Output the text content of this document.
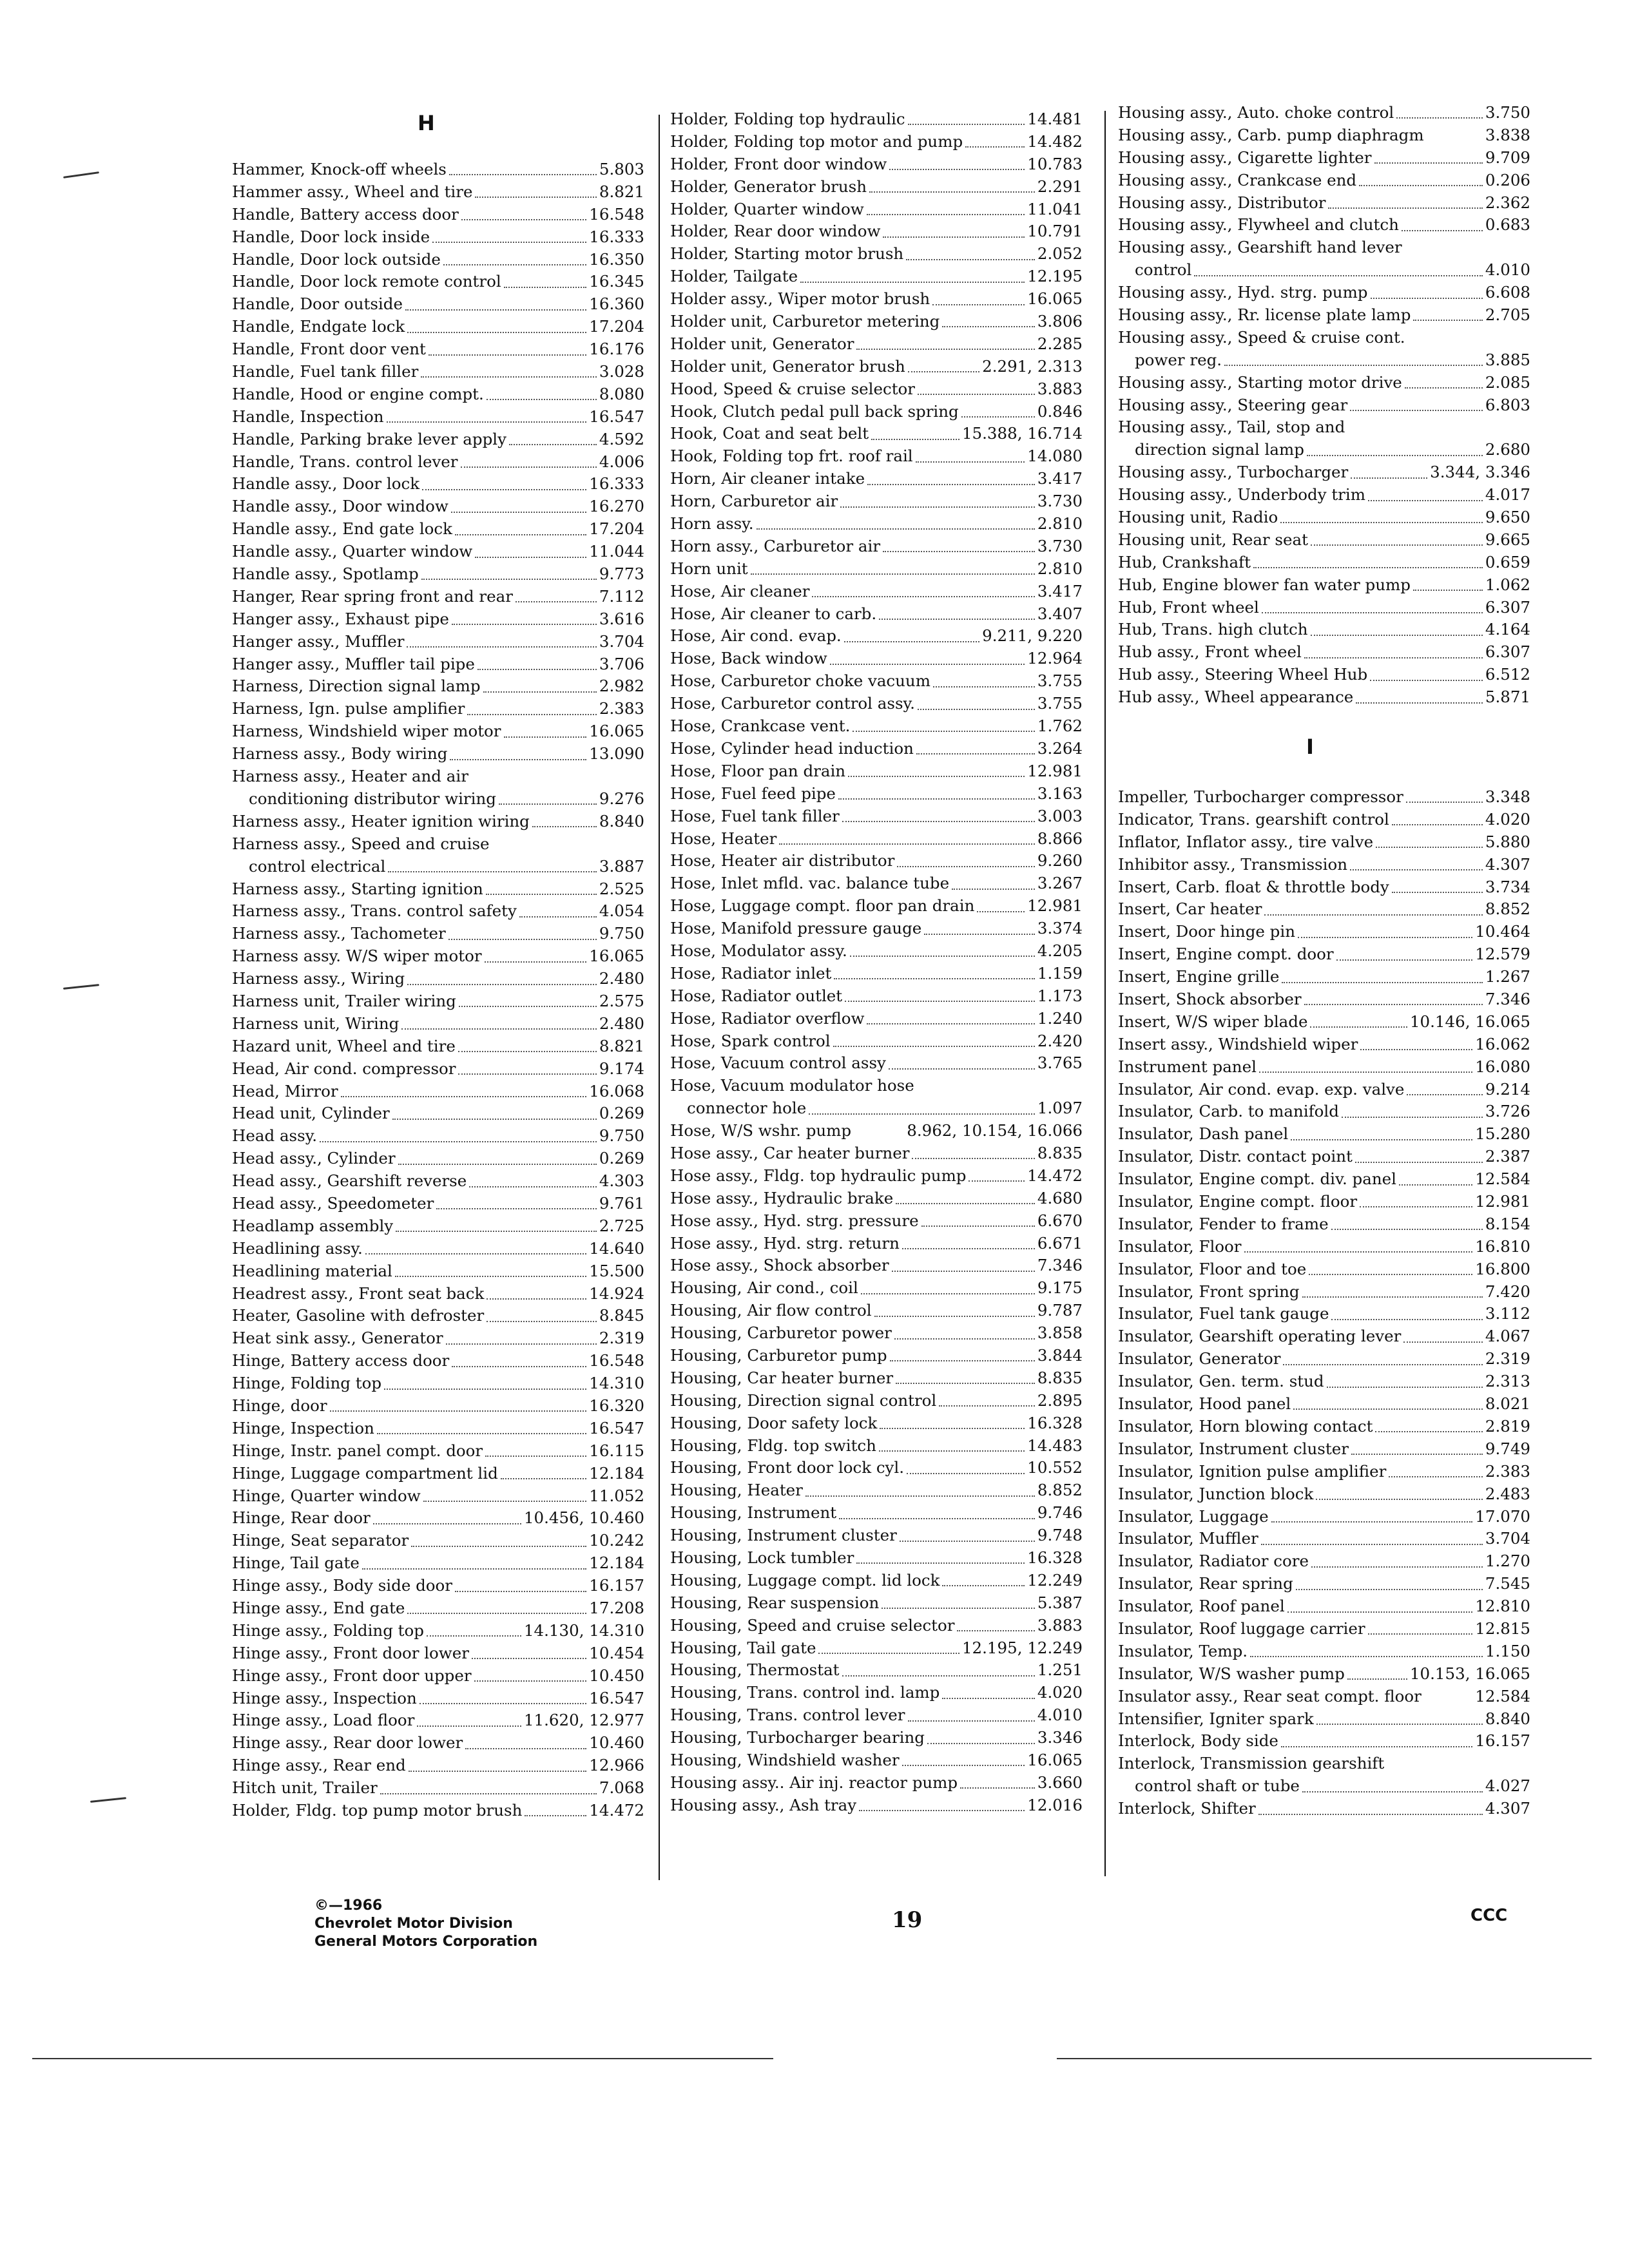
H
Hammer, Knock-off wheels	5.803
Hammer assy., Wheel and tire	8.821
Handle, Battery access door	16.548
Handle, Door lock inside	16.333
Handle, Door lock outside	16.350
Handle, Door lock remote control	16.345
Handle, Door outside	16.360
Handle, Endgate lock	17.204
Handle, Front door vent	16.176
Handle, Fuel tank filler	3.028
Handle, Hood or engine compt.	8.080
Handle, Inspection	16.547
Handle, Parking brake lever apply	4.592
Handle, Trans. control lever	4.006
Handle assy., Door lock	16.333
Handle assy., Door window	16.270
Handle assy., End gate lock	17.204
Handle assy., Quarter window	11.044
Handle assy., Spotlamp	9.773
Hanger, Rear spring front and rear	7.112
Hanger assy., Exhaust pipe	3.616
Hanger assy., Muffler	3.704
Hanger assy., Muffler tail pipe	3.706
Harness, Direction signal lamp	2.982
Harness, Ign. pulse amplifier	2.383
Harness, Windshield wiper motor	16.065
Harness assy., Body wiring	13.090
Harness assy., Heater and air
conditioning distributor wiring	9.276
Harness assy., Heater ignition wiring	8.840
Harness assy., Speed and cruise
control electrical	3.887
Harness assy., Starting ignition	2.525
Harness assy., Trans. control safety	4.054
Harness assy., Tachometer	9.750
Harness assy. W/S wiper motor	16.065
Harness assy., Wiring	2.480
Harness unit, Trailer wiring	2.575
Harness unit, Wiring	2.480
Hazard unit, Wheel and tire	8.821
Head, Air cond. compressor	9.174
Head, Mirror	16.068
Head unit, Cylinder	0.269
Head assy.	9.750
Head assy., Cylinder	0.269
Head assy., Gearshift reverse	4.303
Head assy., Speedometer	9.761
Headlamp assembly	2.725
Headlining assy.	14.640
Headlining material	15.500
Headrest assy., Front seat back	14.924
Heater, Gasoline with defroster	8.845
Heat sink assy., Generator	2.319
Hinge, Battery access door	16.548
Hinge, Folding top	14.310
Hinge, door	16.320
Hinge, Inspection	16.547
Hinge, Instr. panel compt. door	16.115
Hinge, Luggage compartment lid	12.184
Hinge, Quarter window	11.052
Hinge, Rear door	10.456, 10.460
Hinge, Seat separator	10.242
Hinge, Tail gate	12.184
Hinge assy., Body side door	16.157
Hinge assy., End gate	17.208
Hinge assy., Folding top	14.130, 14.310
Hinge assy., Front door lower	10.454
Hinge assy., Front door upper	10.450
Hinge assy., Inspection	16.547
Hinge assy., Load floor	11.620, 12.977
Hinge assy., Rear door lower	10.460
Hinge assy., Rear end	12.966
Hitch unit, Trailer	7.068
Holder, Fldg. top pump motor brush	14.472
Holder, Folding top hydraulic	14.481
Holder, Folding top motor and pump	14.482
Holder, Front door window	10.783
Holder, Generator brush	2.291
Holder, Quarter window	11.041
Holder, Rear door window	10.791
Holder, Starting motor brush	2.052
Holder, Tailgate	12.195
Holder assy., Wiper motor brush	16.065
Holder unit, Carburetor metering	3.806
Holder unit, Generator	2.285
Holder unit, Generator brush	2.291, 2.313
Hood, Speed & cruise selector	3.883
Hook, Clutch pedal pull back spring	0.846
Hook, Coat and seat belt	15.388, 16.714
Hook, Folding top frt. roof rail	14.080
Horn, Air cleaner intake	3.417
Horn, Carburetor air	3.730
Horn assy.	2.810
Horn assy., Carburetor air	3.730
Horn unit	2.810
Hose, Air cleaner	3.417
Hose, Air cleaner to carb.	3.407
Hose, Air cond. evap.	9.211, 9.220
Hose, Back window	12.964
Hose, Carburetor choke vacuum	3.755
Hose, Carburetor control assy.	3.755
Hose, Crankcase vent.	1.762
Hose, Cylinder head induction	3.264
Hose, Floor pan drain	12.981
Hose, Fuel feed pipe	3.163
Hose, Fuel tank filler	3.003
Hose, Heater	8.866
Hose, Heater air distributor	9.260
Hose, Inlet mfld. vac. balance tube	3.267
Hose, Luggage compt. floor pan drain	12.981
Hose, Manifold pressure gauge	3.374
Hose, Modulator assy.	4.205
Hose, Radiator inlet	1.159
Hose, Radiator outlet	1.173
Hose, Radiator overflow	1.240
Hose, Spark control	2.420
Hose, Vacuum control assy	3.765
Hose, Vacuum modulator hose
connector hole	1.097
Hose, W/S wshr. pump	8.962, 10.154, 16.066
Hose assy., Car heater burner	8.835
Hose assy., Fldg. top hydraulic pump	14.472
Hose assy., Hydraulic brake	4.680
Hose assy., Hyd. strg. pressure	6.670
Hose assy., Hyd. strg. return	6.671
Hose assy., Shock absorber	7.346
Housing, Air cond., coil	9.175
Housing, Air flow control	9.787
Housing, Carburetor power	3.858
Housing, Carburetor pump	3.844
Housing, Car heater burner	8.835
Housing, Direction signal control	2.895
Housing, Door safety lock	16.328
Housing, Fldg. top switch	14.483
Housing, Front door lock cyl.	10.552
Housing, Heater	8.852
Housing, Instrument	9.746
Housing, Instrument cluster	9.748
Housing, Lock tumbler	16.328
Housing, Luggage compt. lid lock	12.249
Housing, Rear suspension	5.387
Housing, Speed and cruise selector	3.883
Housing, Tail gate	12.195, 12.249
Housing, Thermostat	1.251
Housing, Trans. control ind. lamp	4.020
Housing, Trans. control lever	4.010
Housing, Turbocharger bearing	3.346
Housing, Windshield washer	16.065
Housing assy.. Air inj. reactor pump	3.660
Housing assy., Ash tray	12.016
Housing assy., Auto. choke control	3.750
Housing assy., Carb. pump diaphragm	3.838
Housing assy., Cigarette lighter	9.709
Housing assy., Crankcase end	0.206
Housing assy., Distributor	2.362
Housing assy., Flywheel and clutch	0.683
Housing assy., Gearshift hand lever
control	4.010
Housing assy., Hyd. strg. pump	6.608
Housing assy., Rr. license plate lamp	2.705
Housing assy., Speed & cruise cont.
power reg.	3.885
Housing assy., Starting motor drive	2.085
Housing assy., Steering gear	6.803
Housing assy., Tail, stop and
direction signal lamp	2.680
Housing assy., Turbocharger	3.344, 3.346
Housing assy., Underbody trim	4.017
Housing unit, Radio	9.650
Housing unit, Rear seat	9.665
Hub, Crankshaft	0.659
Hub, Engine blower fan water pump	1.062
Hub, Front wheel	6.307
Hub, Trans. high clutch	4.164
Hub assy., Front wheel	6.307
Hub assy., Steering Wheel Hub	6.512
Hub assy., Wheel appearance	5.871
I
Impeller, Turbocharger compressor	3.348
Indicator, Trans. gearshift control	4.020
Inflator, Inflator assy., tire valve	5.880
Inhibitor assy., Transmission	4.307
Insert, Carb. float & throttle body	3.734
Insert, Car heater	8.852
Insert, Door hinge pin	10.464
Insert, Engine compt. door	12.579
Insert, Engine grille	1.267
Insert, Shock absorber	7.346
Insert, W/S wiper blade	10.146, 16.065
Insert assy., Windshield wiper	16.062
Instrument panel	16.080
Insulator, Air cond. evap. exp. valve	9.214
Insulator, Carb. to manifold	3.726
Insulator, Dash panel	15.280
Insulator, Distr. contact point	2.387
Insulator, Engine compt. div. panel	12.584
Insulator, Engine compt. floor	12.981
Insulator, Fender to frame	8.154
Insulator, Floor	16.810
Insulator, Floor and toe	16.800
Insulator, Front spring	7.420
Insulator, Fuel tank gauge	3.112
Insulator, Gearshift operating lever	4.067
Insulator, Generator	2.319
Insulator, Gen. term. stud	2.313
Insulator, Hood panel	8.021
Insulator, Horn blowing contact	2.819
Insulator, Instrument cluster	9.749
Insulator, Ignition pulse amplifier	2.383
Insulator, Junction block	2.483
Insulator, Luggage	17.070
Insulator, Muffler	3.704
Insulator, Radiator core	1.270
Insulator, Rear spring	7.545
Insulator, Roof panel	12.810
Insulator, Roof luggage carrier	12.815
Insulator, Temp.	1.150
Insulator, W/S washer pump	10.153, 16.065
Insulator assy., Rear seat compt. floor	12.584
Intensifier, Igniter spark	8.840
Interlock, Body side	16.157
Interlock, Transmission gearshift
control shaft or tube	4.027
Interlock, Shifter	4.307
©—1966
Chevrolet Motor Division
General Motors Corporation
19	CCC
